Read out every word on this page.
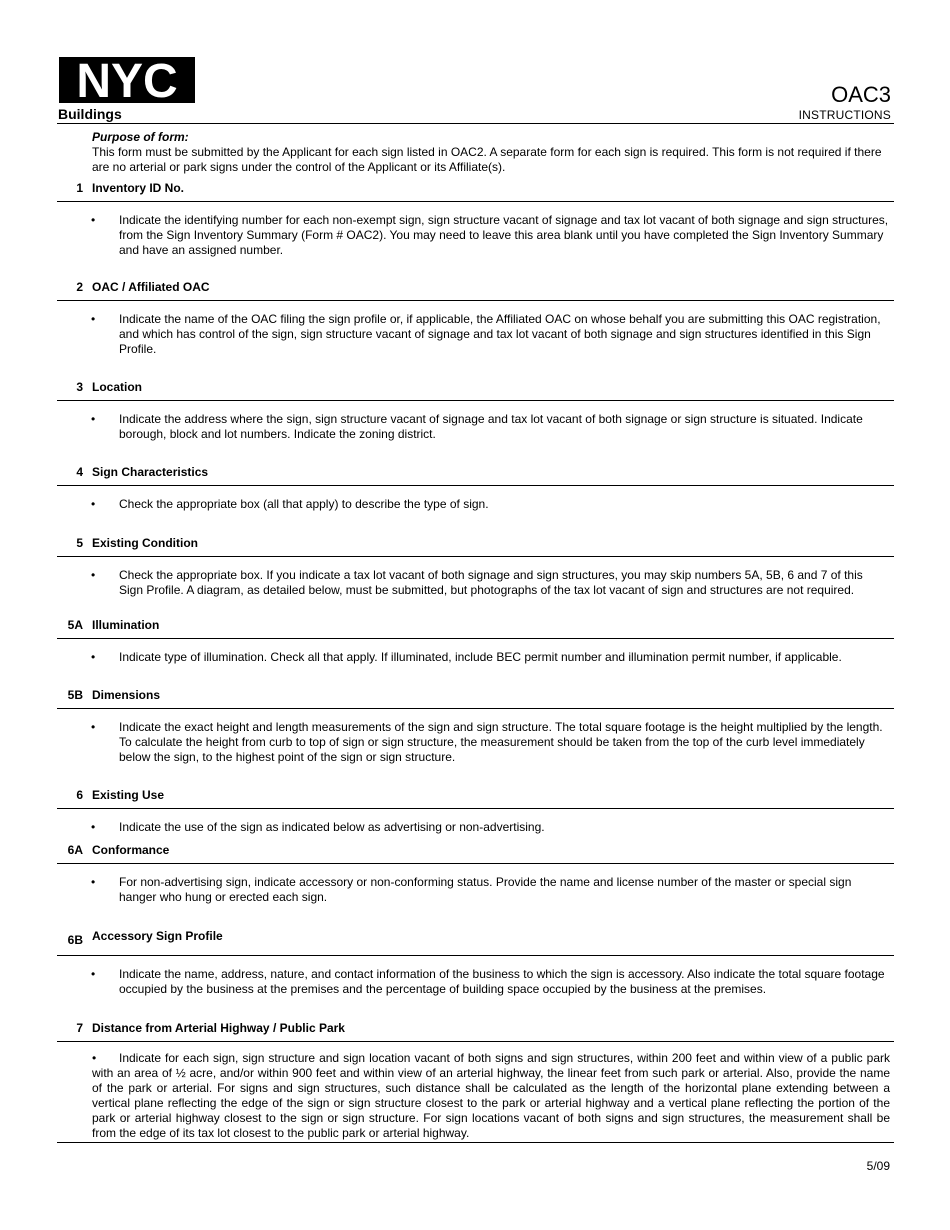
NYC
Buildings
OAC3
INSTRUCTIONS
Purpose of form:
This form must be submitted by the Applicant for each sign listed in OAC2. A separate form for each sign is required. This form is not required if there are no arterial or park signs under the control of the Applicant or its Affiliate(s).
1 Inventory ID No.
• Indicate the identifying number for each non-exempt sign, sign structure vacant of signage and tax lot vacant of both signage and sign structures, from the Sign Inventory Summary (Form # OAC2). You may need to leave this area blank until you have completed the Sign Inventory Summary and have an assigned number.
2 OAC / Affiliated OAC
• Indicate the name of the OAC filing the sign profile or, if applicable, the Affiliated OAC on whose behalf you are submitting this OAC registration, and which has control of the sign, sign structure vacant of signage and tax lot vacant of both signage and sign structures identified in this Sign Profile.
3 Location
• Indicate the address where the sign, sign structure vacant of signage and tax lot vacant of both signage or sign structure is situated. Indicate borough, block and lot numbers. Indicate the zoning district.
4 Sign Characteristics
• Check the appropriate box (all that apply) to describe the type of sign.
5 Existing Condition
• Check the appropriate box. If you indicate a tax lot vacant of both signage and sign structures, you may skip numbers 5A, 5B, 6 and 7 of this Sign Profile. A diagram, as detailed below, must be submitted, but photographs of the tax lot vacant of sign and structures are not required.
5A Illumination
• Indicate type of illumination. Check all that apply. If illuminated, include BEC permit number and illumination permit number, if applicable.
5B Dimensions
• Indicate the exact height and length measurements of the sign and sign structure. The total square footage is the height multiplied by the length. To calculate the height from curb to top of sign or sign structure, the measurement should be taken from the top of the curb level immediately below the sign, to the highest point of the sign or sign structure.
6 Existing Use
• Indicate the use of the sign as indicated below as advertising or non-advertising.
6A Conformance
• For non-advertising sign, indicate accessory or non-conforming status. Provide the name and license number of the master or special sign hanger who hung or erected each sign.
6B Accessory Sign Profile
• Indicate the name, address, nature, and contact information of the business to which the sign is accessory. Also indicate the total square footage occupied by the business at the premises and the percentage of building space occupied by the business at the premises.
7 Distance from Arterial Highway / Public Park
• Indicate for each sign, sign structure and sign location vacant of both signs and sign structures, within 200 feet and within view of a public park with an area of ½ acre, and/or within 900 feet and within view of an arterial highway, the linear feet from such park or arterial. Also, provide the name of the park or arterial. For signs and sign structures, such distance shall be calculated as the length of the horizontal plane extending between a vertical plane reflecting the edge of the sign or sign structure closest to the park or arterial highway and a vertical plane reflecting the portion of the park or arterial highway closest to the sign or sign structure. For sign locations vacant of both signs and sign structures, the measurement shall be from the edge of its tax lot closest to the public park or arterial highway.
5/09
